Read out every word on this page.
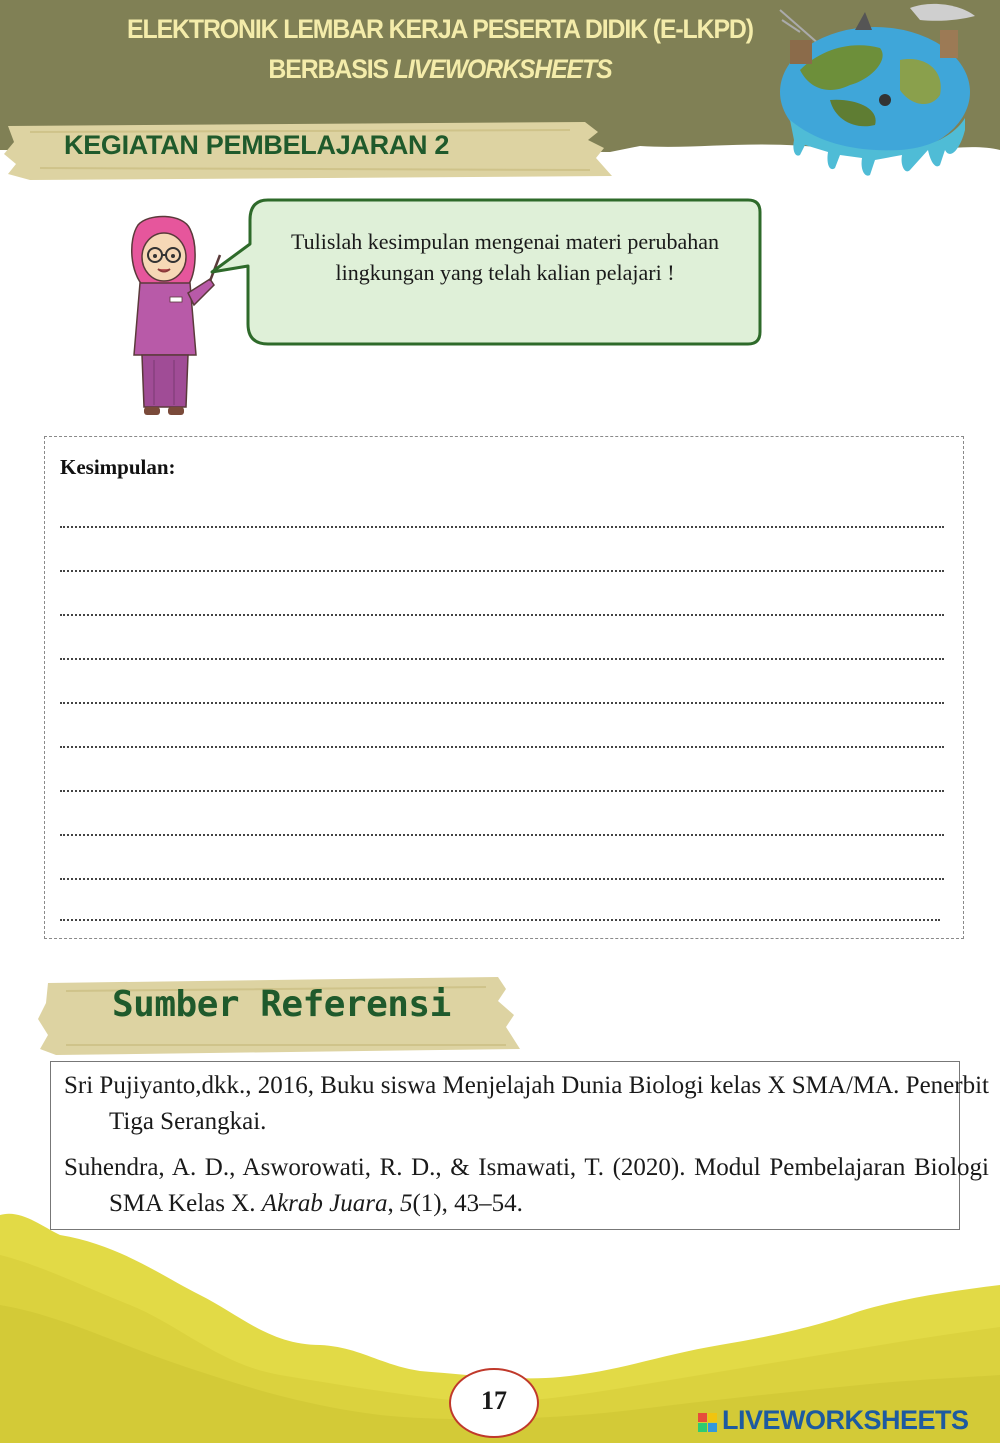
ELEKTRONIK LEMBAR KERJA PESERTA DIDIK (E-LKPD)
BERBASIS LIVEWORKSHEETS
KEGIATAN PEMBELAJARAN 2
Tulislah kesimpulan mengenai materi perubahan lingkungan yang telah kalian pelajari !
Kesimpulan:
Sumber Referensi
Sri Pujiyanto,dkk., 2016, Buku siswa Menjelajah Dunia Biologi kelas X SMA/MA. Penerbit Tiga Serangkai.
Suhendra, A. D., Asworowati, R. D., & Ismawati, T. (2020). Modul Pembelajaran Biologi SMA Kelas X. Akrab Juara, 5(1), 43–54.
17
LIVEWORKSHEETS
